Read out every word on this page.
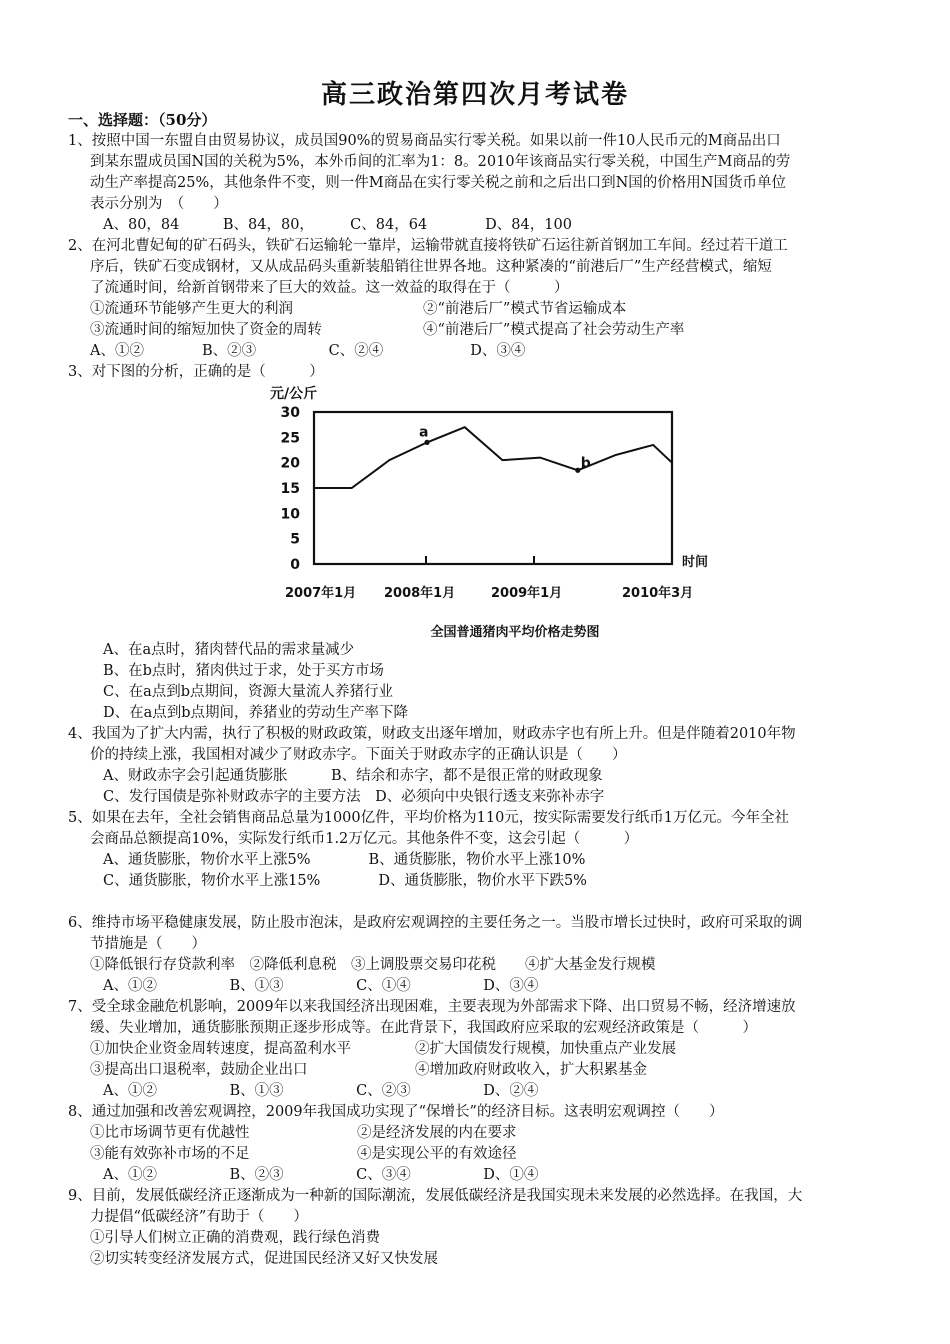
高三政治第四次月考试卷
一、选择题：（50分）
1、按照中国一东盟自由贸易协议，成员国90%的贸易商品实行零关税。如果以前一件10人民币元的M商品出口
到某东盟成员国N国的关税为5%，本外币间的汇率为1：8。2010年该商品实行零关税，中国生产M商品的劳
动生产率提高25%，其他条件不变，则一件M商品在实行零关税之前和之后出口到N国的价格用N国货币单位
表示分别为　（　　）
A、80，84　　　B、84，80，　　　C、84，64　　　　D、84，100
2、在河北曹妃甸的矿石码头，铁矿石运输轮一靠岸，运输带就直接将铁矿石运往新首钢加工车间。经过若干道工
序后，铁矿石变成钢材，又从成品码头重新装船销往世界各地。这种紧凑的“前港后厂”生产经营模式，缩短
了流通时间，给新首钢带来了巨大的效益。这一效益的取得在于（　　　）
①流通环节能够产生更大的利润	②“前港后厂”模式节省运输成本
③流通时间的缩短加快了资金的周转	④“前港后厂”模式提高了社会劳动生产率
A、①②　　　　B、②③　　　　　C、②④　　　　　　D、③④
3、对下图的分析，正确的是（　　　）
元/公斤
30
25
20
15
10
5
0
a
b
时间
2007年1月 2008年1月	2009年1月	2010年3月
全国普通猪肉平均价格走势图
A、在a点时，猪肉替代品的需求量减少
B、在b点时，猪肉供过于求，处于买方市场
C、在a点到b点期间，资源大量流人养猪行业
D、在a点到b点期间，养猪业的劳动生产率下降
4、我国为了扩大内需，执行了积极的财政政策，财政支出逐年增加，财政赤字也有所上升。但是伴随着2010年物
价的持续上涨，我国相对减少了财政赤字。下面关于财政赤字的正确认识是（　　）
A、财政赤字会引起通货膨胀　　　B、结余和赤字，都不是很正常的财政现象
C、发行国债是弥补财政赤字的主要方法　D、必须向中央银行透支来弥补赤字
5、如果在去年，全社会销售商品总量为1000亿件，平均价格为110元，按实际需要发行纸币1万亿元。今年全社
会商品总额提高10%，实际发行纸币1.2万亿元。其他条件不变，这会引起（　　　）
A、通货膨胀，物价水平上涨5%　　　　B、通货膨胀，物价水平上涨10%
C、通货膨胀，物价水平上涨15%　　　　D、通货膨胀，物价水平下跌5%
6、维持市场平稳健康发展，防止股市泡沫，是政府宏观调控的主要任务之一。当股市增长过快时，政府可采取的调
节措施是（　　）
①降低银行存贷款利率　②降低利息税　③上调股票交易印花税　　④扩大基金发行规模
A、①②　　　　　B、①③　　　　　C、①④　　　　　D、③④
7、受全球金融危机影响，2009年以来我国经济出现困难，主要表现为外部需求下降、出口贸易不畅，经济增速放
缓、失业增加，通货膨胀预期正逐步形成等。在此背景下，我国政府应采取的宏观经济政策是（　　　）
①加快企业资金周转速度，提高盈利水平	②扩大国债发行规模，加快重点产业发展
③提高出口退税率，鼓励企业出口	④增加政府财政收入，扩大积累基金
A、①②　　　　　B、①③　　　　　C、②③　　　　　D、②④
8、通过加强和改善宏观调控，2009年我国成功实现了“保增长”的经济目标。这表明宏观调控（　　）
①比市场调节更有优越性	②是经济发展的内在要求
③能有效弥补市场的不足	④是实现公平的有效途径
A、①②　　　　　B、②③　　　　　C、③④　　　　　D、①④
9、目前，发展低碳经济正逐渐成为一种新的国际潮流，发展低碳经济是我国实现未来发展的必然选择。在我国，大
力提倡“低碳经济”有助于（　　）
①引导人们树立正确的消费观，践行绿色消费
②切实转变经济发展方式，促进国民经济又好又快发展
